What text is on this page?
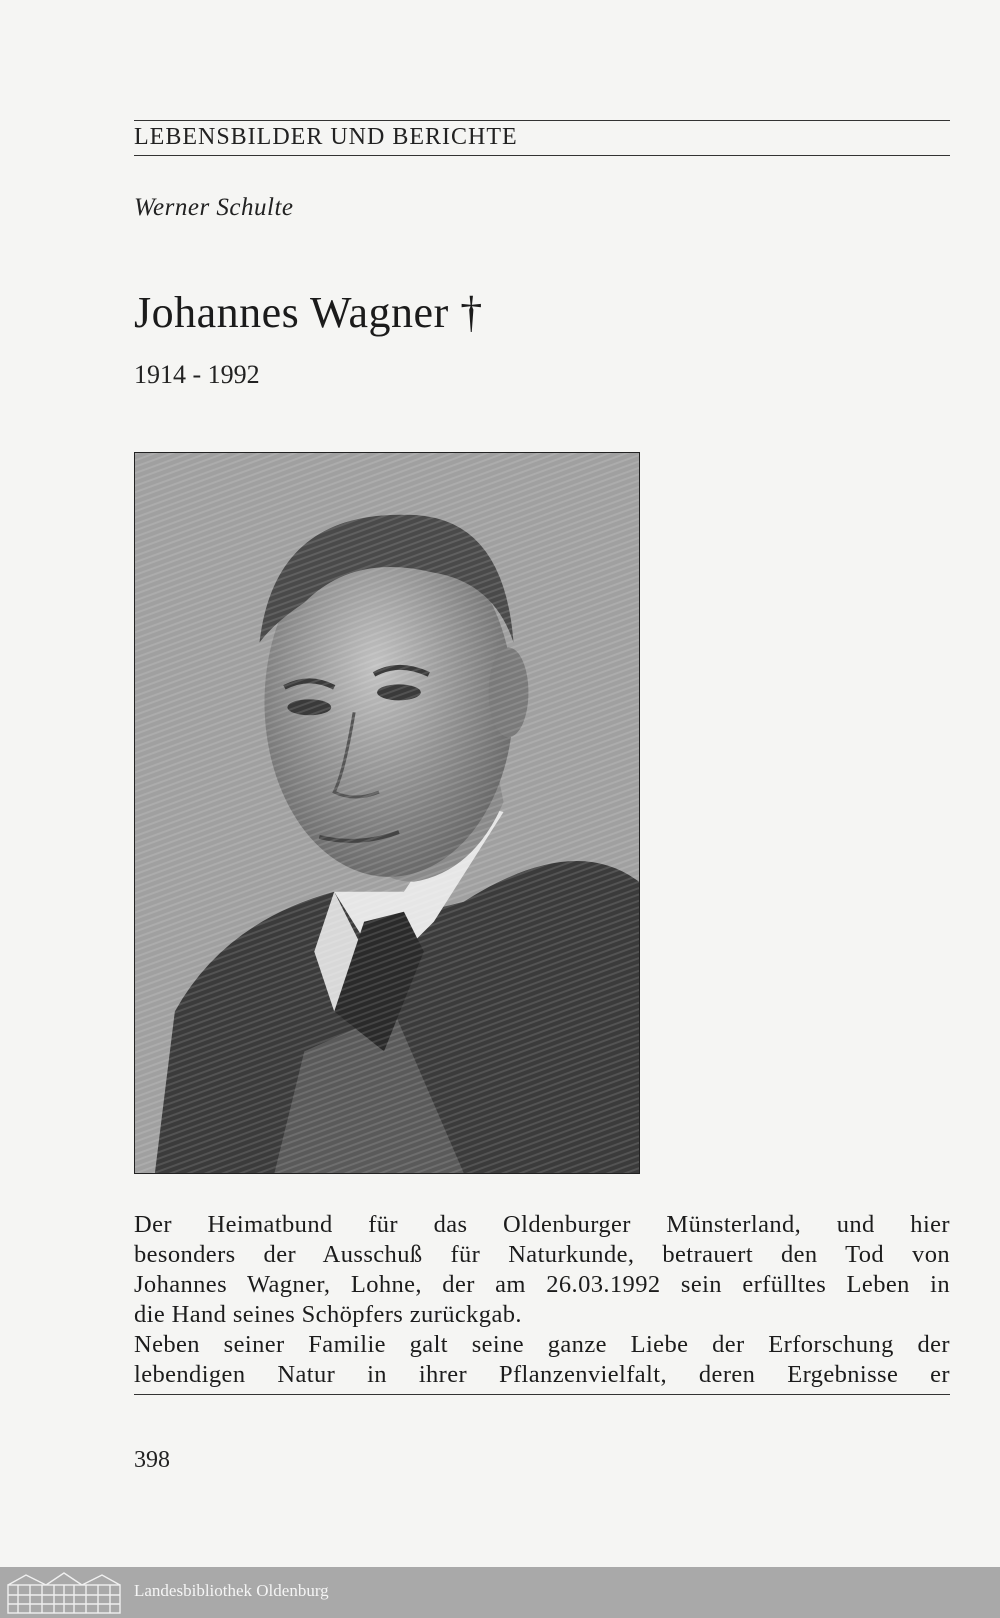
LEBENSBILDER UND BERICHTE
Werner Schulte
Johannes Wagner †
1914 - 1992
Der Heimatbund für das Oldenburger Münsterland, und hier
besonders der Ausschuß für Naturkunde, betrauert den Tod von
Johannes Wagner, Lohne, der am 26.03.1992 sein erfülltes Leben in
die Hand seines Schöpfers zurückgab.
Neben seiner Familie galt seine ganze Liebe der Erforschung der
lebendigen Natur in ihrer Pflanzenvielfalt, deren Ergebnisse er
398
Landesbibliothek Oldenburg
